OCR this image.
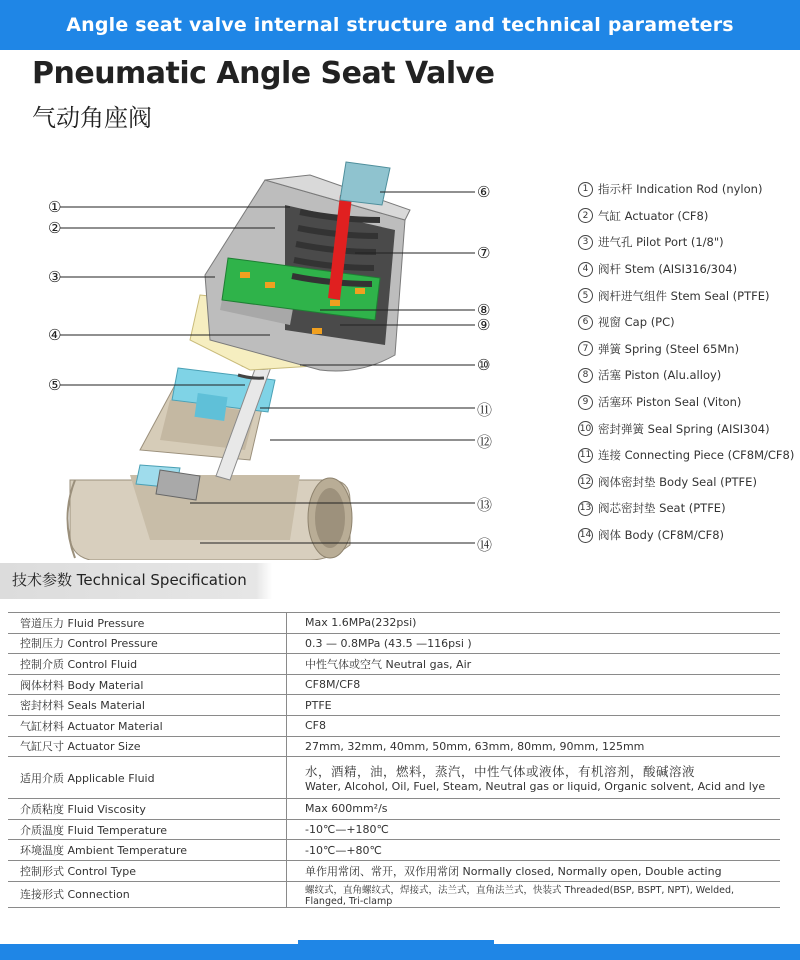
Angle seat valve internal structure and technical parameters
Pneumatic Angle Seat Valve
气动角座阀
①
②
③
④
⑤
⑥
⑦
⑧
⑨
⑩
⑪
⑫
⑬
⑭
1 指示杆
Indication Rod (nylon)
2 气缸
Actuator (CF8)
3 进气孔
Pilot Port (1/8")
4 阀杆
Stem (AISI316/304)
5 阀杆进气组件
Stem Seal (PTFE)
6 视窗
Cap (PC)
7 弹簧
Spring (Steel 65Mn)
8 活塞
Piston (Alu.alloy)
9 活塞环
Piston Seal (Viton)
10 密封弹簧
Seal Spring (AISI304)
11 连接
Connecting Piece (CF8M/CF8)
12 阀体密封垫
Body Seal (PTFE)
13 阀芯密封垫
Seat (PTFE)
14 阀体
Body (CF8M/CF8)
技术参数 Technical Specification
管道压力 Fluid Pressure	Max 1.6MPa(232psi)
控制压力 Control Pressure	0.3 — 0.8MPa (43.5 —116psi )
控制介质 Control Fluid	中性气体或空气 Neutral gas, Air
阀体材料 Body Material	CF8M/CF8
密封材料 Seals Material	PTFE
气缸材料 Actuator Material	CF8
气缸尺寸 Actuator Size	27mm, 32mm, 40mm, 50mm, 63mm, 80mm, 90mm, 125mm
适用介质 Applicable Fluid	水，酒精，油，燃料，蒸汽，中性气体或液体，有机溶剂，酸碱溶液
Water, Alcohol, Oil, Fuel, Steam, Neutral gas or liquid, Organic solvent, Acid and lye
介质粘度 Fluid Viscosity	Max 600mm²/s
介质温度 Fluid Temperature	-10℃—+180℃
环境温度 Ambient Temperature	-10℃—+80℃
控制形式 Control Type	单作用常闭、常开，双作用常闭 Normally closed, Normally open, Double acting
连接形式 Connection	螺纹式，直角螺纹式，焊接式，法兰式，直角法兰式，快装式 Threaded(BSP, BSPT, NPT), Welded, Flanged, Tri-clamp
